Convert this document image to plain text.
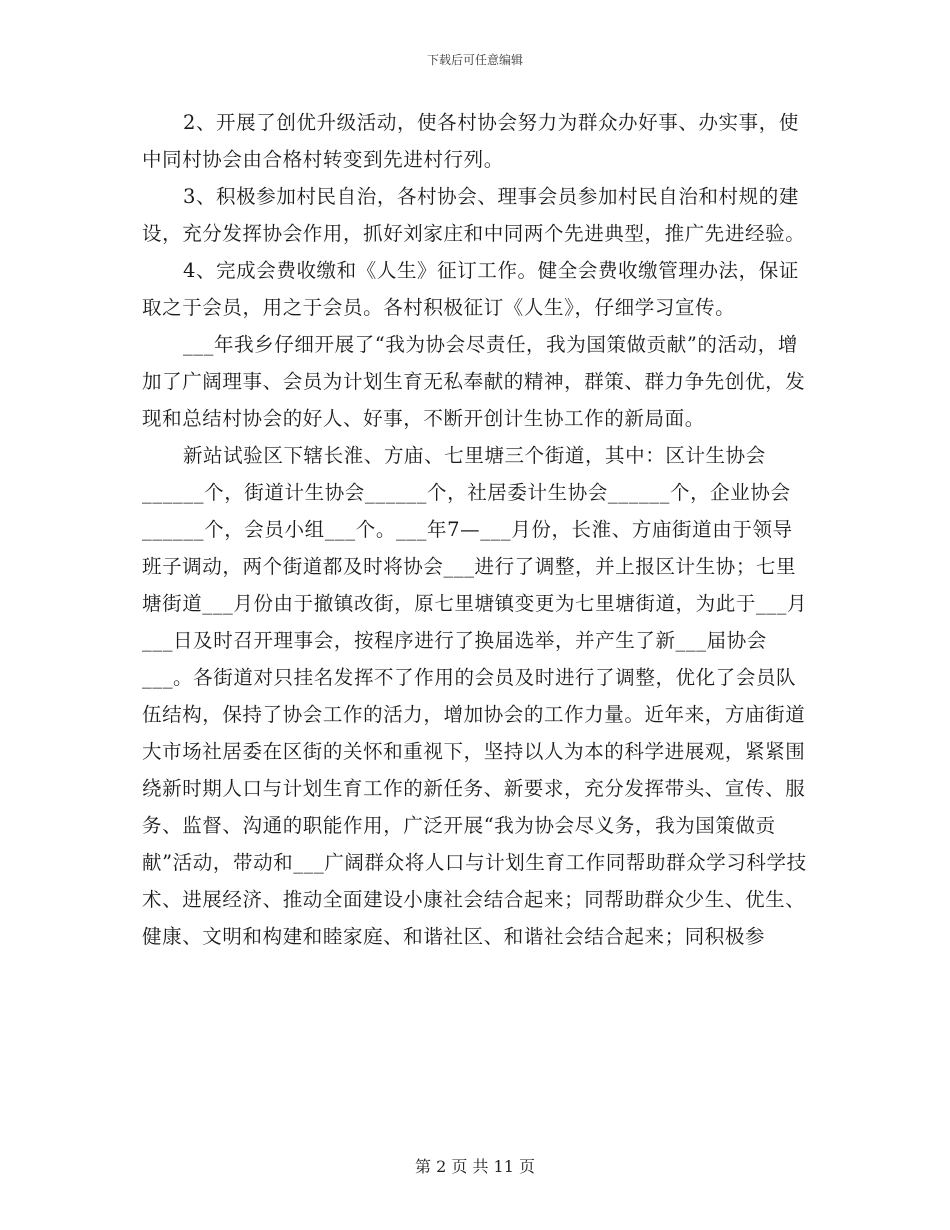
下载后可任意编辑

2、开展了创优升级活动，使各村协会努力为群众办好事、办实事，使中同村协会由合格村转变到先进村行列。

3、积极参加村民自治，各村协会、理事会员参加村民自治和村规的建设，充分发挥协会作用，抓好刘家庄和中同两个先进典型，推广先进经验。

4、完成会费收缴和《人生》征订工作。健全会费收缴管理办法，保证取之于会员，用之于会员。各村积极征订《人生》，仔细学习宣传。

___年我乡仔细开展了“我为协会尽责任，我为国策做贡献”的活动，增加了广阔理事、会员为计划生育无私奉献的精神，群策、群力争先创优，发现和总结村协会的好人、好事，不断开创计生协工作的新局面。

新站试验区下辖长淮、方庙、七里塘三个街道，其中：区计生协会______个，街道计生协会______个，社居委计生协会______个，企业协会______个，会员小组___个。___年7—___月份，长淮、方庙街道由于领导班子调动，两个街道都及时将协会___进行了调整，并上报区计生协；七里塘街道___月份由于撤镇改街，原七里塘镇变更为七里塘街道，为此于___月___日及时召开理事会，按程序进行了换届选举，并产生了新___届协会___。各街道对只挂名发挥不了作用的会员及时进行了调整，优化了会员队伍结构，保持了协会工作的活力，增加协会的工作力量。近年来，方庙街道大市场社居委在区街的关怀和重视下，坚持以人为本的科学进展观，紧紧围绕新时期人口与计划生育工作的新任务、新要求，充分发挥带头、宣传、服务、监督、沟通的职能作用，广泛开展“我为协会尽义务，我为国策做贡献”活动，带动和___广阔群众将人口与计划生育工作同帮助群众学习科学技术、进展经济、推动全面建设小康社会结合起来；同帮助群众少生、优生、健康、文明和构建和睦家庭、和谐社区、和谐社会结合起来；同积极参

第 2 页 共 11 页
